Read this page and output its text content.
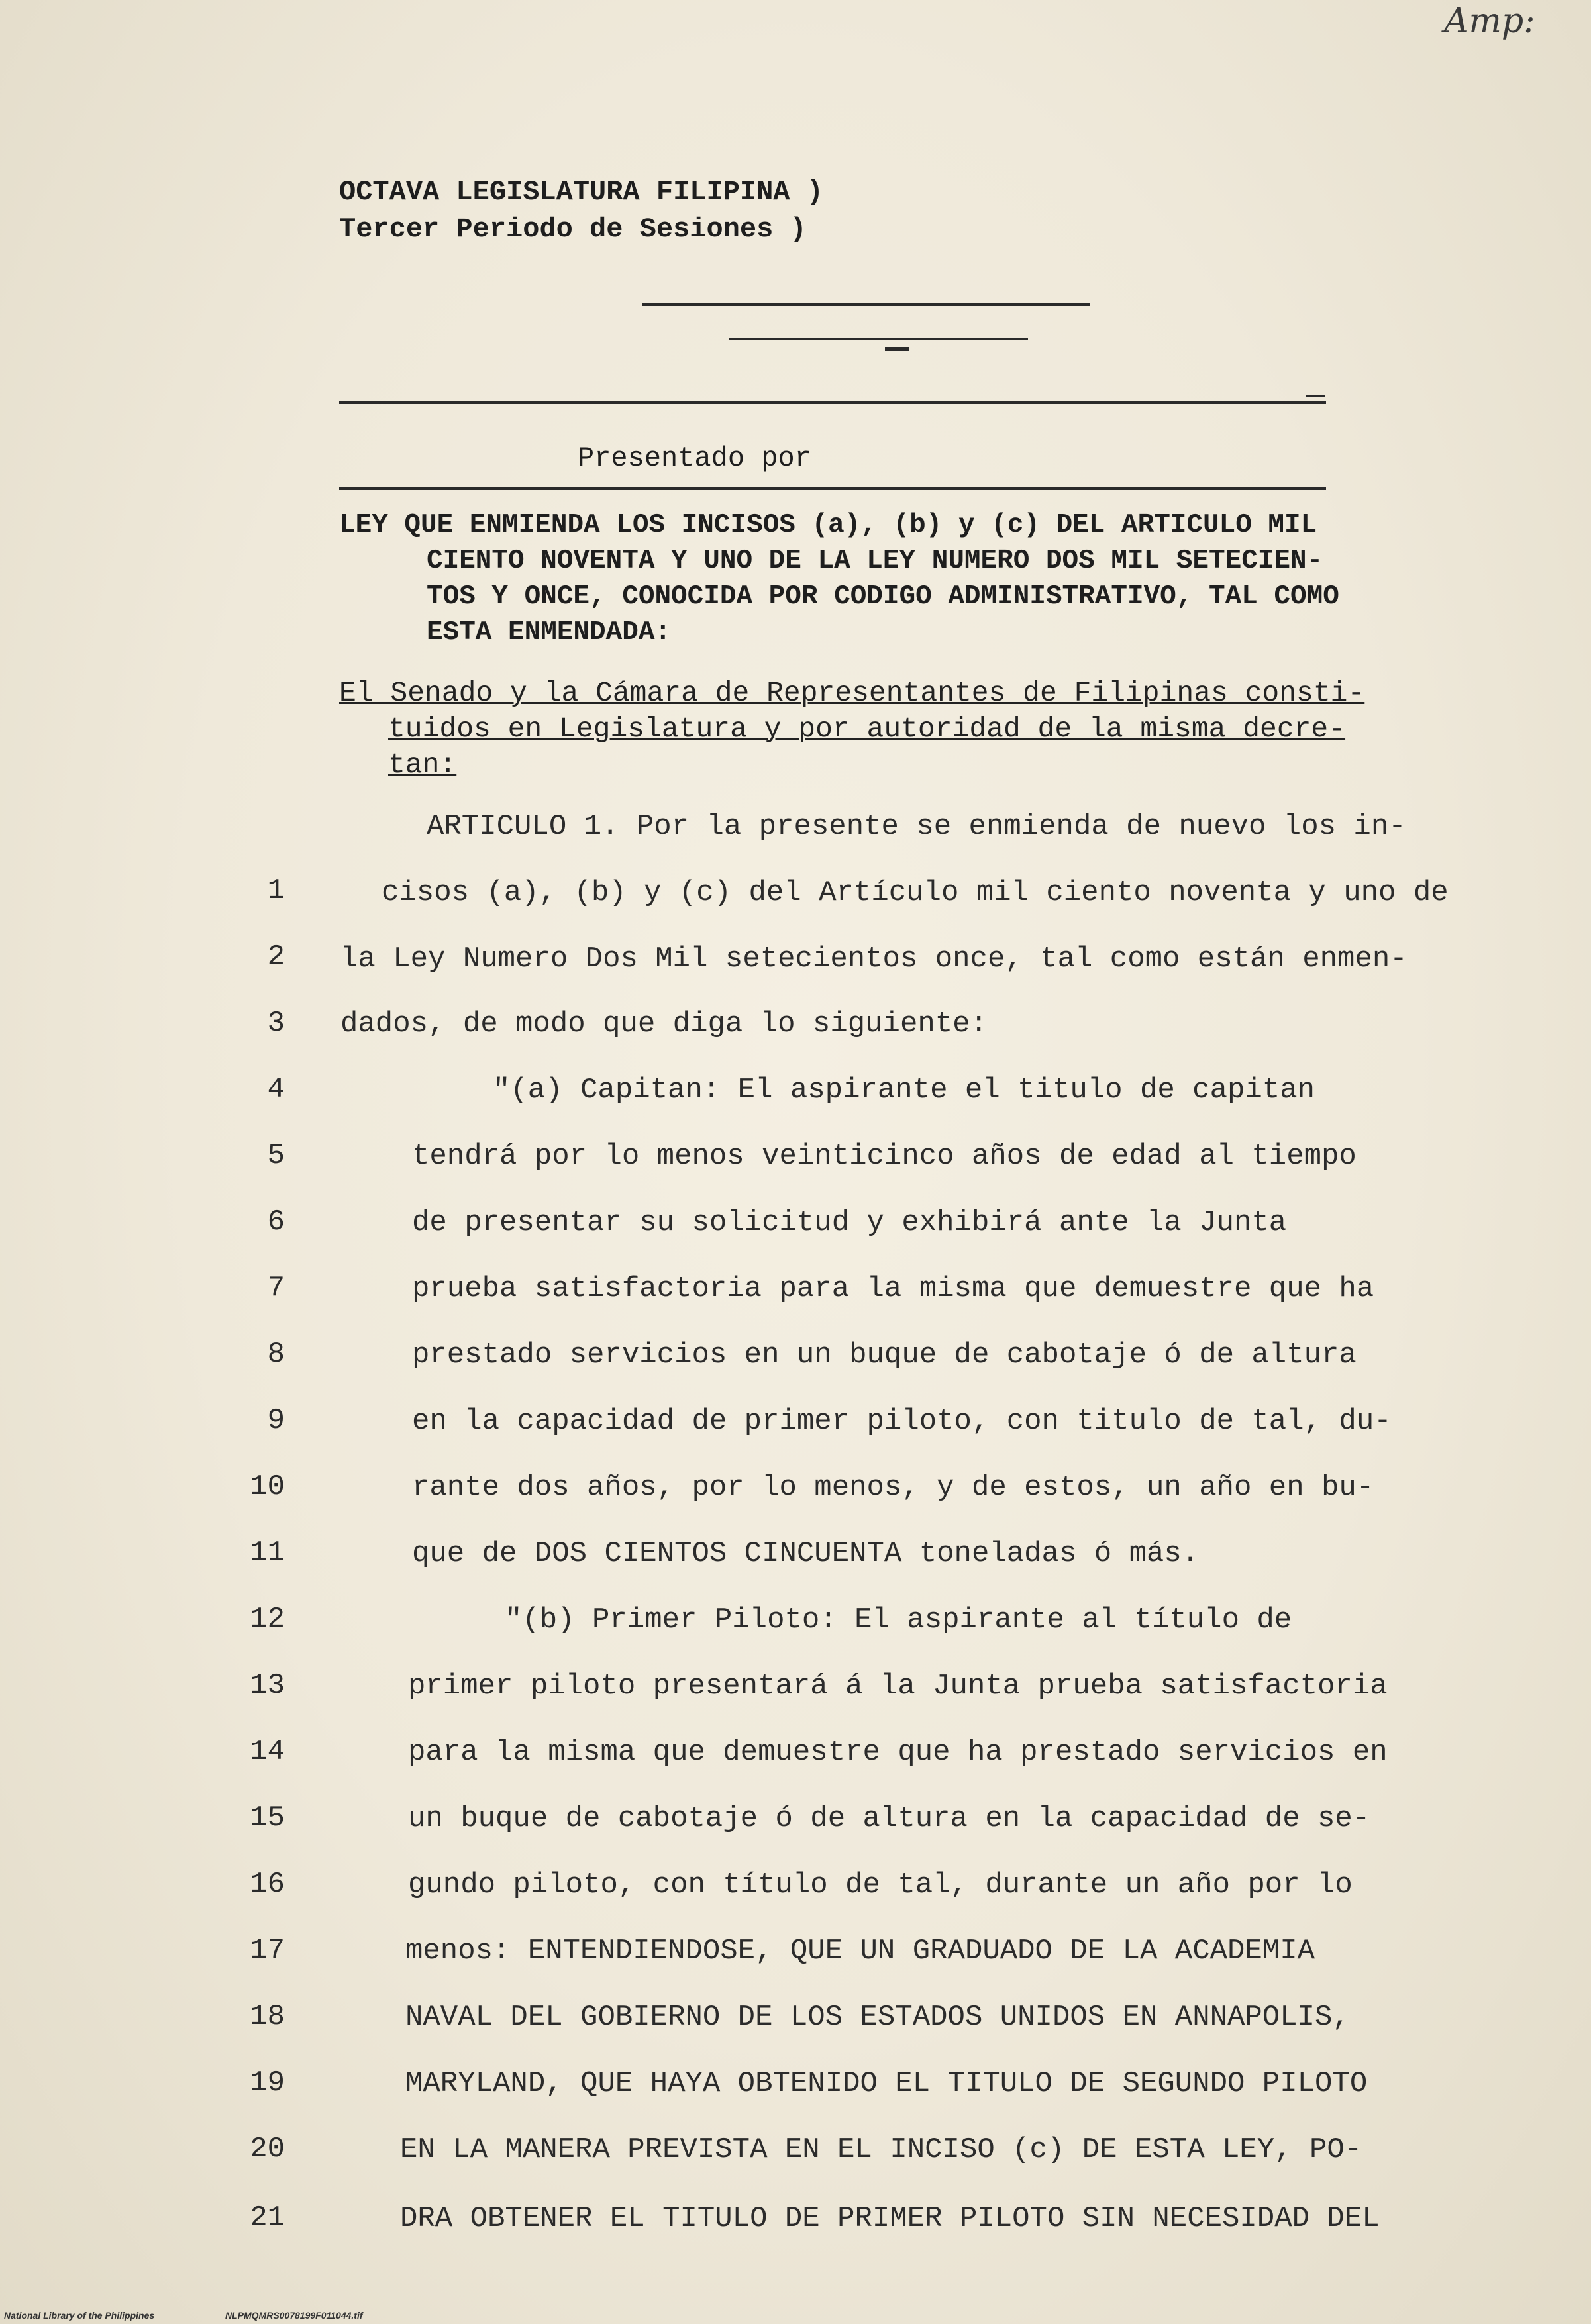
Amp:
OCTAVA LEGISLATURA FILIPINA )
Tercer Periodo de Sesiones )
Presentado por
LEY QUE ENMIENDA LOS INCISOS (a), (b) y (c) DEL ARTICULO MIL
CIENTO NOVENTA Y UNO DE LA LEY NUMERO DOS MIL SETECIEN-
TOS Y ONCE, CONOCIDA POR CODIGO ADMINISTRATIVO, TAL COMO
ESTA ENMENDADA:
El Senado y la Cámara de Representantes de Filipinas consti-
tuidos en Legislatura y por autoridad de la misma decre-
tan:
ARTICULO 1. Por la presente se enmienda de nuevo los in-
1	cisos (a), (b) y (c) del Artículo mil ciento noventa y uno de
2 la Ley Numero Dos Mil setecientos once, tal como están enmen-
3 dados, de modo que diga lo siguiente:
4	"(a) Capitan: El aspirante el titulo de capitan
5	tendrá por lo menos veinticinco años de edad al tiempo
6	de presentar su solicitud y exhibirá ante la Junta
7	prueba satisfactoria para la misma que demuestre que ha
8	prestado servicios en un buque de cabotaje ó de altura
9	en la capacidad de primer piloto, con titulo de tal, du-
10	rante dos años, por lo menos, y de estos, un año en bu-
11	que de DOS CIENTOS CINCUENTA toneladas ó más.
12	"(b) Primer Piloto: El aspirante al título de
13	primer piloto presentará á la Junta prueba satisfactoria
14	para la misma que demuestre que ha prestado servicios en
15	un buque de cabotaje ó de altura en la capacidad de se-
16	gundo piloto, con título de tal, durante un año por lo
17	menos: ENTENDIENDOSE, QUE UN GRADUADO DE LA ACADEMIA
18	NAVAL DEL GOBIERNO DE LOS ESTADOS UNIDOS EN ANNAPOLIS,
19	MARYLAND, QUE HAYA OBTENIDO EL TITULO DE SEGUNDO PILOTO
20	EN LA MANERA PREVISTA EN EL INCISO (c) DE ESTA LEY, PO-
21	DRA OBTENER EL TITULO DE PRIMER PILOTO SIN NECESIDAD DEL
National Library of the Philippines	NLPMQMRS0078199F011044.tif
